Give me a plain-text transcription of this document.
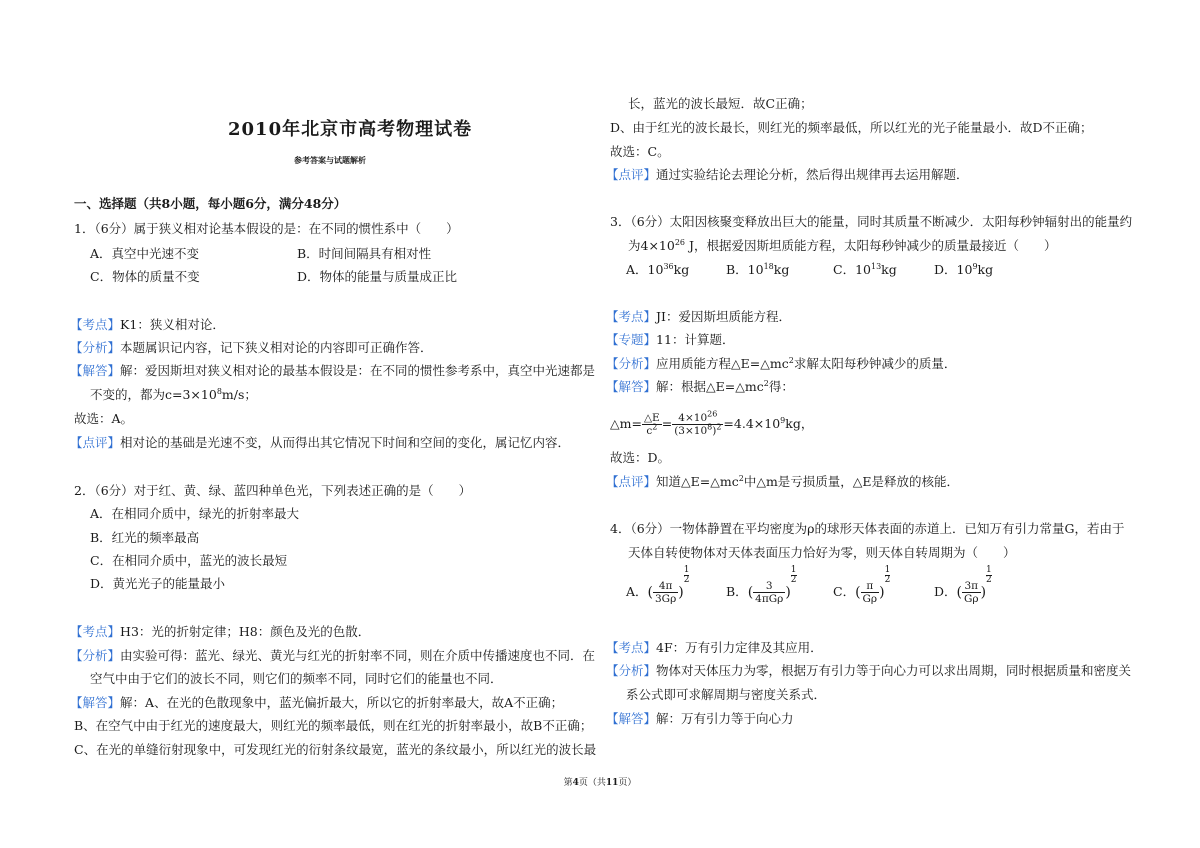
2010年北京市高考物理试卷
参考答案与试题解析
一、选择题（共8小题，每小题6分，满分48分）
1．（6分）属于狭义相对论基本假设的是：在不同的惯性系中（　　）
A．真空中光速不变	B．时间间隔具有相对性
C．物体的质量不变	D．物体的能量与质量成正比
【 考点 】 K1：狭义相对论．
【 分析 】 本题属识记内容，记下狭义相对论的内容即可正确作答．
【 解答 】 解：爱因斯坦对狭义相对论的最基本假设是：在不同的惯性参考系中，真空中光速都是
不变的，都为$c=3\times 10^8m/s$；
故选：A。
【 点评 】 相对论的基础是光速不变，从而得出其它情况下时间和空间的变化，属记忆内容．
2．（6分）对于红、黄、绿、蓝四种单色光，下列表述正确的是（　　）
A．在相同介质中，绿光的折射率最大
B．红光的频率最高
C．在相同介质中，蓝光的波长最短
D．黄光光子的能量最小
【 考点 】 H3：光的折射定律；H8：颜色及光的色散．
【 分析 】 由实验可得：蓝光、绿光、黄光与红光的折射率不同，则在介质中传播速度也不同．在
空气中由于它们的波长不同，则它们的频率不同，同时它们的能量也不同．
【 解答 】 解：A、在光的色散现象中，蓝光偏折最大，所以它的折射率最大，故A不正确；
B、在空气中由于红光的速度最大，则红光的频率最低，则在红光的折射率最小，故B不正确；
C、在光的单缝衍射现象中，可发现红光的衍射条纹最宽，蓝光的条纹最小，所以红光的波长最
长，蓝光的波长最短．故C正确；
D、由于红光的波长最长，则红光的频率最低，所以红光的光子能量最小．故D不正确；
故选：C。
【 点评 】 通过实验结论去理论分析，然后得出规律再去运用解题．
3．（6分）太阳因核聚变释放出巨大的能量，同时其质量不断减少．太阳每秒钟辐射出的能量约
为$4\times 10^{26}$ J，根据爱因斯坦质能方程，太阳每秒钟减少的质量最接近（　　）
A．$10^{36}kg$	B．$10^{18}kg$	C．$10^{13}kg$	D．$10^9kg$
【 考点 】 JI：爱因斯坦质能方程．
【 专题 】 11：计算题．
【 分析 】 应用质能方程$\triangle E=\triangle mc^2$求解太阳每秒钟减少的质量．
【 解答 】 解：根据$\triangle E=\triangle mc^2$得：
△m= $\frac{\triangle E}{c^2} = \frac{4\times 10^{26}}{(3\times 10^8)^2} =4.4\times 10^9kg$，
故选：D。
【 点评 】 知道$\triangle E=\triangle mc^2$中△m是亏损质量，△E是释放的核能．
4．（6分）一物体静置在平均密度为ρ的球形天体表面的赤道上．已知万有引力常量G，若由于
天体自转使物体对天体表面压力恰好为零，则天体自转周期为（　　）
A．( $\frac{4\pi}{3G\rho}$ )
$\frac{1}{2}$
B．( $\frac{3}{\text{4πGρ}}$ )
$\frac{1}{2}$
C．( $\frac{\pi}{G\rho}$ )
$\frac{1}{2}$
D．( $\frac{3\pi}{G\rho}$ )
$\frac{1}{2}$
【 考点 】 4F：万有引力定律及其应用．
【 分析 】 物体对天体压力为零，根据万有引力等于向心力可以求出周期，同时根据质量和密度关
系公式即可求解周期与密度关系式．
【 解答 】 解：万有引力等于向心力
第4页（共11页）
